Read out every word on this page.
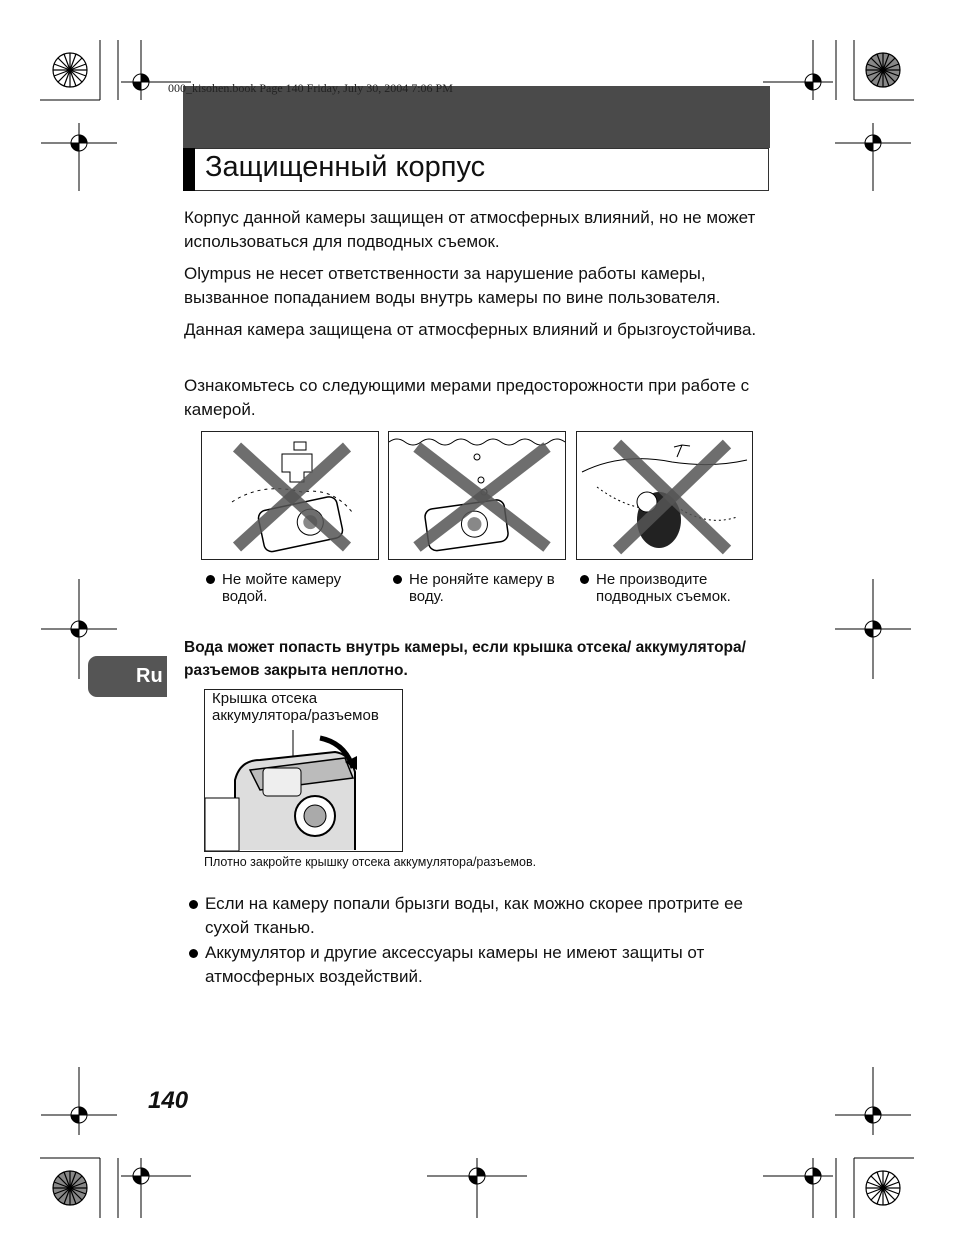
000_kisohen.book Page 140 Friday, July 30, 2004 7:06 PM
Защищенный корпус
Корпус данной камеры защищен от атмосферных влияний, но не может использоваться для подводных съемок.
Olympus не несет ответственности за нарушение работы камеры, вызванное попаданием воды внутрь камеры по вине пользователя.
Данная камера защищена от атмосферных влияний и брызгоустойчива.
Ознакомьтесь со следующими мерами предосторожности при работе с камерой.
Не мойте камеру водой.
Не роняйте камеру в воду.
Не производите подводных съемок.
Ru
Вода может попасть внутрь камеры, если крышка отсека/ аккумулятора/разъемов закрыта неплотно.
Крышка отсека аккумулятора/разъемов
Плотно закройте крышку отсека аккумулятора/разъемов.
Если на камеру попали брызги воды, как можно скорее протрите ее сухой тканью.
Аккумулятор и другие аксессуары камеры не имеют защиты от атмосферных воздействий.
140
